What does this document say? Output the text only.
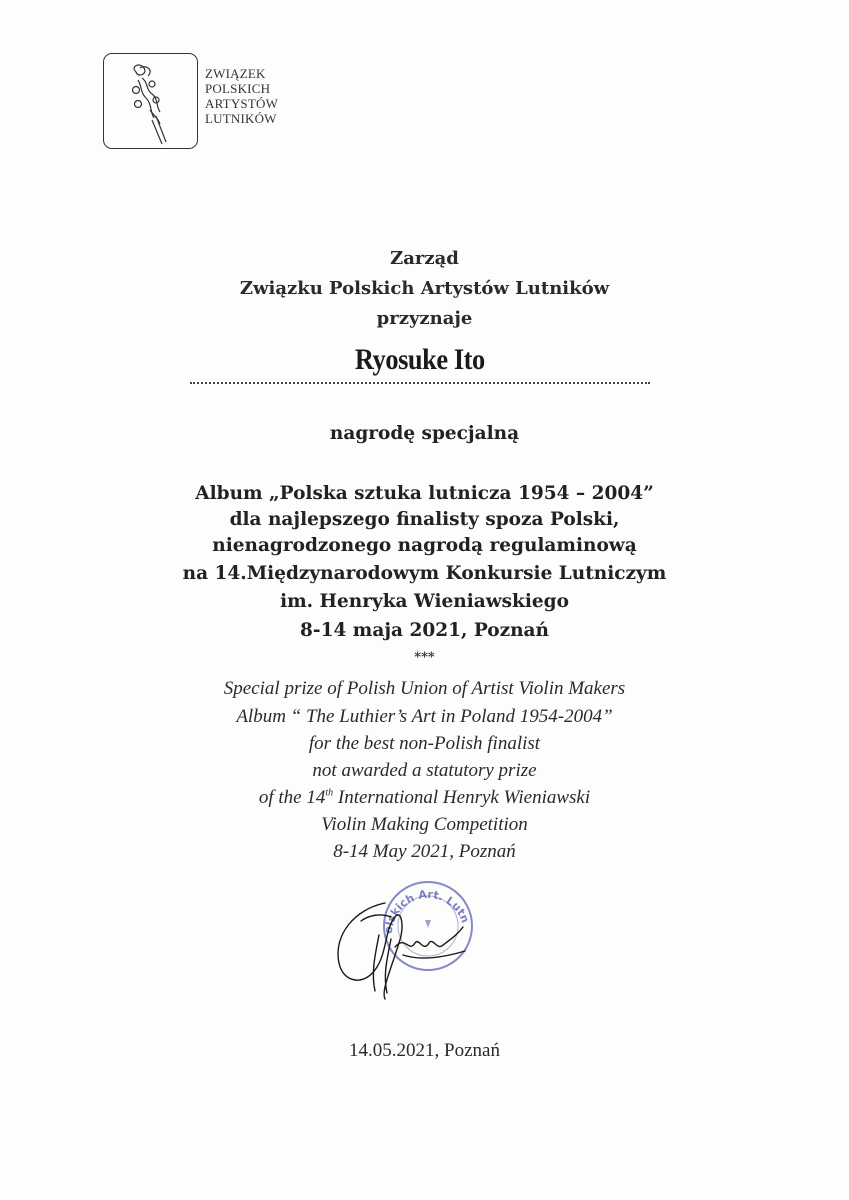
ZWIĄZEK
POLSKICH
ARTYSTÓW
LUTNIKÓW
Zarząd
Związku Polskich Artystów Lutników
przyznaje
Ryosuke Ito
nagrodę specjalną
Album „Polska sztuka lutnicza 1954 – 2004”
dla najlepszego finalisty spoza Polski,
nienagrodzonego nagrodą regulaminową
na 14.Międzynarodowym Konkursie Lutniczym
im. Henryka Wieniawskiego
8-14 maja 2021, Poznań
***
Special prize of Polish Union of Artist Violin Makers
Album “ The Luthier’s Art in Poland 1954-2004”
for the best non-Polish finalist
not awarded a statutory prize
of the 14th International Henryk Wieniawski
Violin Making Competition
8-14 May 2021, Poznań
olskich Art. Lutn
14.05.2021, Poznań
